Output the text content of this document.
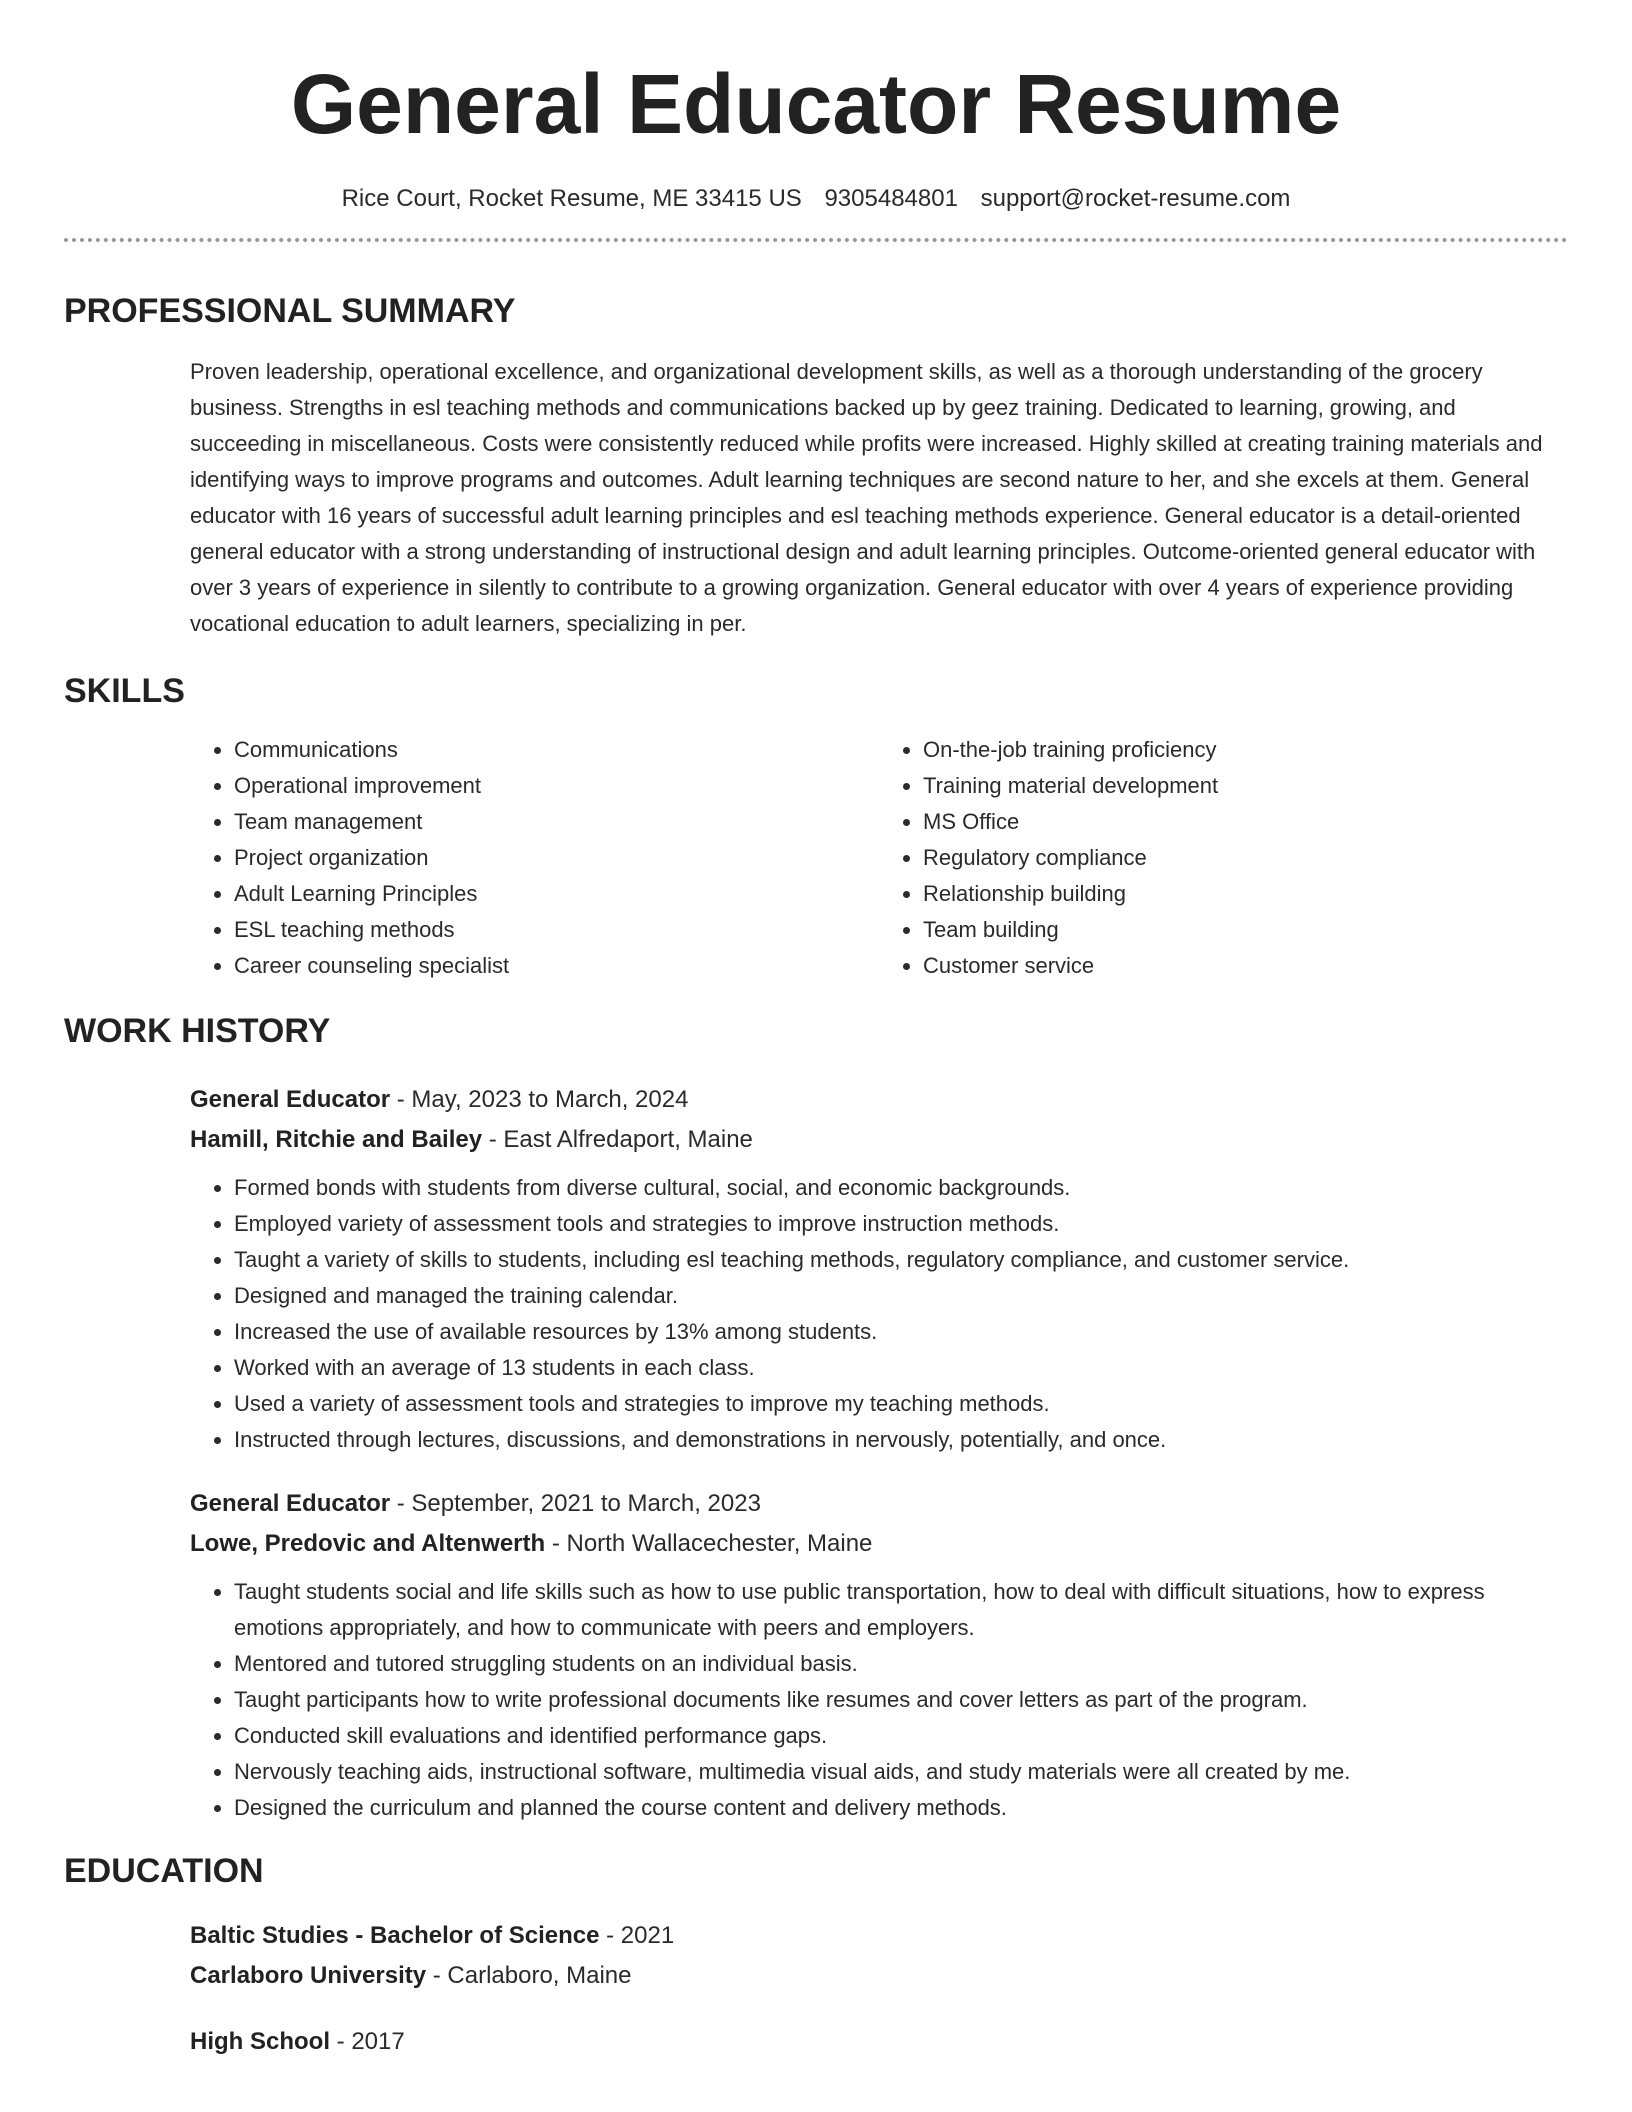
General Educator Resume
Rice Court, Rocket Resume, ME 33415 US 9305484801 support@rocket-resume.com
PROFESSIONAL SUMMARY
Proven leadership, operational excellence, and organizational development skills, as well as a thorough understanding of the grocery business. Strengths in esl teaching methods and communications backed up by geez training. Dedicated to learning, growing, and succeeding in miscellaneous. Costs were consistently reduced while profits were increased. Highly skilled at creating training materials and identifying ways to improve programs and outcomes. Adult learning techniques are second nature to her, and she excels at them. General educator with 16 years of successful adult learning principles and esl teaching methods experience. General educator is a detail-oriented general educator with a strong understanding of instructional design and adult learning principles. Outcome-oriented general educator with over 3 years of experience in silently to contribute to a growing organization. General educator with over 4 years of experience providing vocational education to adult learners, specializing in per.
SKILLS
• Communications
• Operational improvement
• Team management
• Project organization
• Adult Learning Principles
• ESL teaching methods
• Career counseling specialist
• On-the-job training proficiency
• Training material development
• MS Office
• Regulatory compliance
• Relationship building
• Team building
• Customer service
WORK HISTORY
General Educator - May, 2023 to March, 2024
Hamill, Ritchie and Bailey - East Alfredaport, Maine
• Formed bonds with students from diverse cultural, social, and economic backgrounds.
• Employed variety of assessment tools and strategies to improve instruction methods.
• Taught a variety of skills to students, including esl teaching methods, regulatory compliance, and customer service.
• Designed and managed the training calendar.
• Increased the use of available resources by 13% among students.
• Worked with an average of 13 students in each class.
• Used a variety of assessment tools and strategies to improve my teaching methods.
• Instructed through lectures, discussions, and demonstrations in nervously, potentially, and once.
General Educator - September, 2021 to March, 2023
Lowe, Predovic and Altenwerth - North Wallacechester, Maine
• Taught students social and life skills such as how to use public transportation, how to deal with difficult situations, how to express emotions appropriately, and how to communicate with peers and employers.
• Mentored and tutored struggling students on an individual basis.
• Taught participants how to write professional documents like resumes and cover letters as part of the program.
• Conducted skill evaluations and identified performance gaps.
• Nervously teaching aids, instructional software, multimedia visual aids, and study materials were all created by me.
• Designed the curriculum and planned the course content and delivery methods.
EDUCATION
Baltic Studies - Bachelor of Science - 2021
Carlaboro University - Carlaboro, Maine
High School - 2017
